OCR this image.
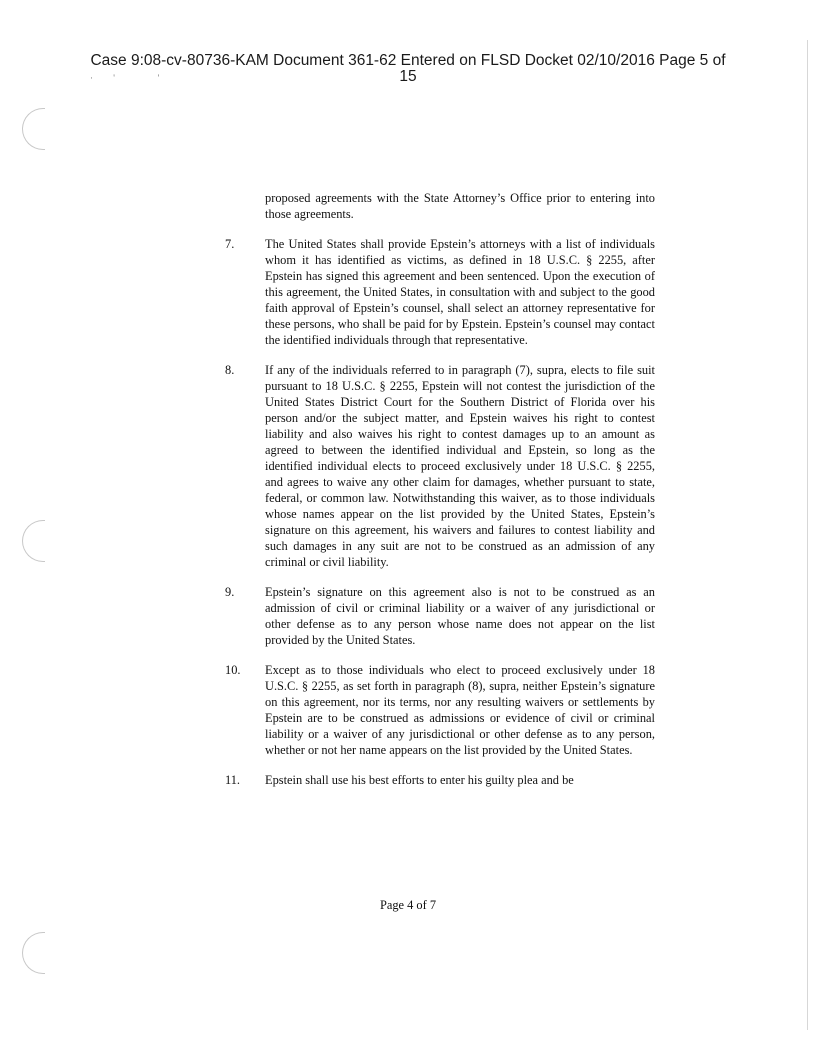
Case 9:08-cv-80736-KAM Document 361-62 Entered on FLSD Docket 02/10/2016 Page 5 of
15
·         '                   '
proposed agreements with the State Attorney’s Office prior to entering into those agreements.
7.	The United States shall provide Epstein’s attorneys with a list of individuals whom it has identified as victims, as defined in 18 U.S.C. § 2255, after Epstein has signed this agreement and been sentenced. Upon the execution of this agreement, the United States, in consultation with and subject to the good faith approval of Epstein’s counsel, shall select an attorney representative for these persons, who shall be paid for by Epstein. Epstein’s counsel may contact the identified individuals through that representative.
8.	If any of the individuals referred to in paragraph (7), supra, elects to file suit pursuant to 18 U.S.C. § 2255, Epstein will not contest the jurisdiction of the United States District Court for the Southern District of Florida over his person and/or the subject matter, and Epstein waives his right to contest liability and also waives his right to contest damages up to an amount as agreed to between the identified individual and Epstein, so long as the identified individual elects to proceed exclusively under 18 U.S.C. § 2255, and agrees to waive any other claim for damages, whether pursuant to state, federal, or common law. Notwithstanding this waiver, as to those individuals whose names appear on the list provided by the United States, Epstein’s signature on this agreement, his waivers and failures to contest liability and such damages in any suit are not to be construed as an admission of any criminal or civil liability.
9.	Epstein’s signature on this agreement also is not to be construed as an admission of civil or criminal liability or a waiver of any jurisdictional or other defense as to any person whose name does not appear on the list provided by the United States.
10.	Except as to those individuals who elect to proceed exclusively under 18 U.S.C. § 2255, as set forth in paragraph (8), supra, neither Epstein’s signature on this agreement, nor its terms, nor any resulting waivers or settlements by Epstein are to be construed as admissions or evidence of civil or criminal liability or a waiver of any jurisdictional or other defense as to any person, whether or not her name appears on the list provided by the United States.
11.	Epstein shall use his best efforts to enter his guilty plea and be
Page 4 of 7
